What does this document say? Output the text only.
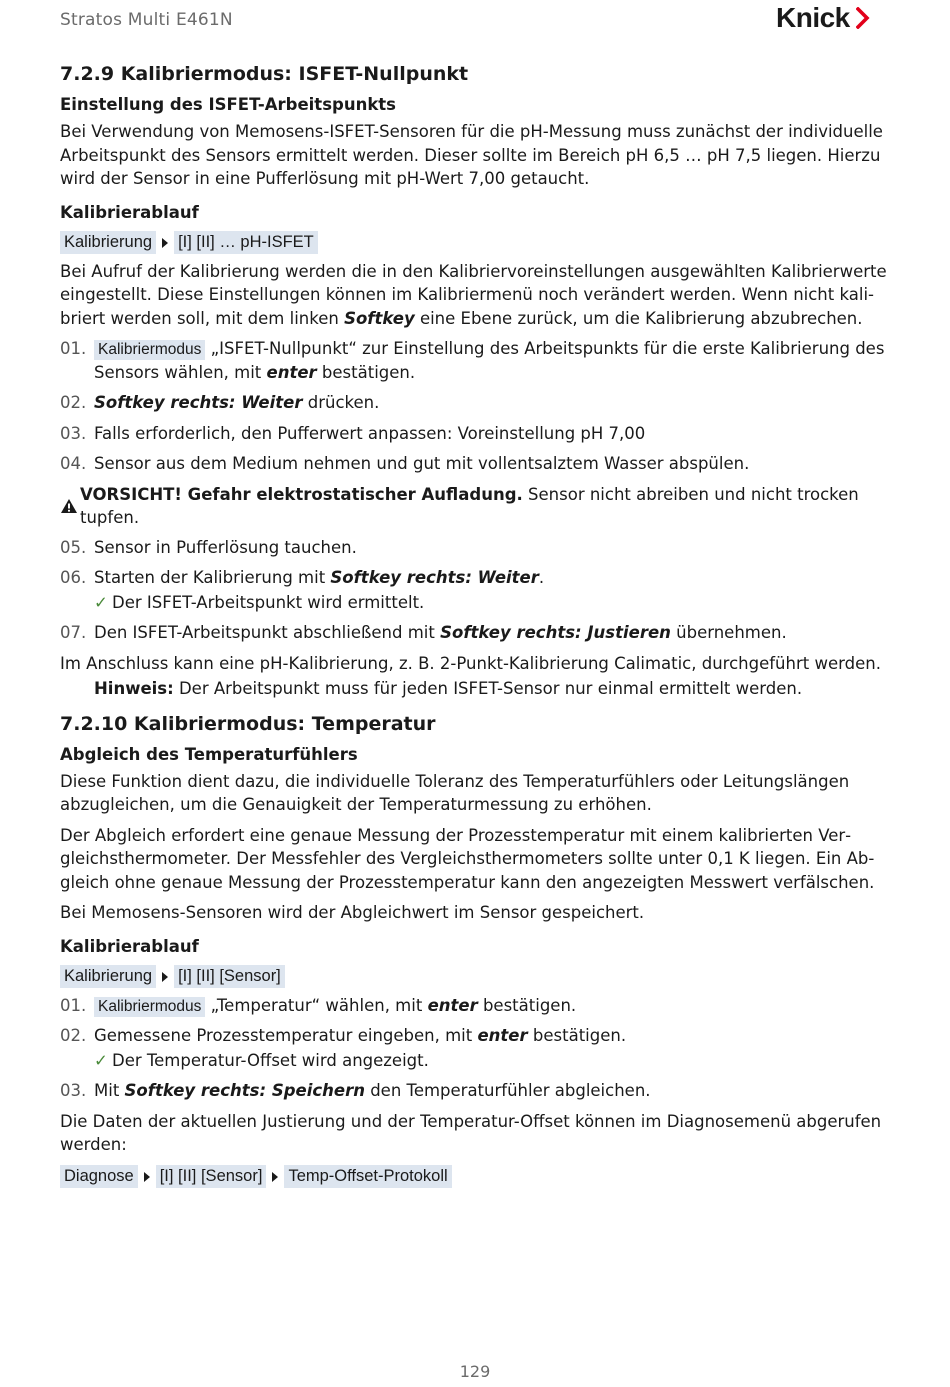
Stratos Multi E461N	Knick
7.2.9 Kalibriermodus: ISFET-Nullpunkt
Einstellung des ISFET-Arbeitspunkts

Bei Verwendung von Memosens-ISFET-Sensoren für die pH-Messung muss zunächst der individuelle Arbeitspunkt des Sensors ermittelt werden. Dieser sollte im Bereich pH 6,5 … pH 7,5 liegen. Hierzu wird der Sensor in eine Pufferlösung mit pH-Wert 7,00 getaucht.

Kalibrierablauf
Kalibrierung [I] [II] … pH-ISFET

Bei Aufruf der Kalibrierung werden die in den Kalibriervoreinstellungen ausgewählten Kalibrierwerte eingestellt. Diese Einstellungen können im Kalibriermenü noch verändert werden. Wenn nicht kalibriert werden soll, mit dem linken Softkey eine Ebene zurück, um die Kalibrierung abzubrechen.

01. Kalibriermodus „ISFET-Nullpunkt“ zur Einstellung des Arbeitspunkts für die erste Kalibrierung des Sensors wählen, mit enter bestätigen.
02. Softkey rechts: Weiter drücken.
03. Falls erforderlich, den Pufferwert anpassen: Voreinstellung pH 7,00
04. Sensor aus dem Medium nehmen und gut mit vollentsalztem Wasser abspülen.
VORSICHT! Gefahr elektrostatischer Aufladung. Sensor nicht abreiben und nicht trocken tupfen.
05. Sensor in Pufferlösung tauchen.
06. Starten der Kalibrierung mit Softkey rechts: Weiter.
✓ Der ISFET-Arbeitspunkt wird ermittelt.
07. Den ISFET-Arbeitspunkt abschließend mit Softkey rechts: Justieren übernehmen.

Im Anschluss kann eine pH-Kalibrierung, z. B. 2-Punkt-Kalibrierung Calimatic, durchgeführt werden.

Hinweis: Der Arbeitspunkt muss für jeden ISFET-Sensor nur einmal ermittelt werden.

7.2.10 Kalibriermodus: Temperatur
Abgleich des Temperaturfühlers

Diese Funktion dient dazu, die individuelle Toleranz des Temperaturfühlers oder Leitungslängen abzugleichen, um die Genauigkeit der Temperaturmessung zu erhöhen.

Der Abgleich erfordert eine genaue Messung der Prozesstemperatur mit einem kalibrierten Vergleichsthermometer. Der Messfehler des Vergleichsthermometers sollte unter 0,1 K liegen. Ein Abgleich ohne genaue Messung der Prozesstemperatur kann den angezeigten Messwert verfälschen.

Bei Memosens-Sensoren wird der Abgleichwert im Sensor gespeichert.

Kalibrierablauf
Kalibrierung [I] [II] [Sensor]
01. Kalibriermodus „Temperatur“ wählen, mit enter bestätigen.
02. Gemessene Prozesstemperatur eingeben, mit enter bestätigen.
✓ Der Temperatur-Offset wird angezeigt.
03. Mit Softkey rechts: Speichern den Temperaturfühler abgleichen.

Die Daten der aktuellen Justierung und der Temperatur-Offset können im Diagnosemenü abgerufen werden:

Diagnose [I] [II] [Sensor] Temp-Offset-Protokoll
129
